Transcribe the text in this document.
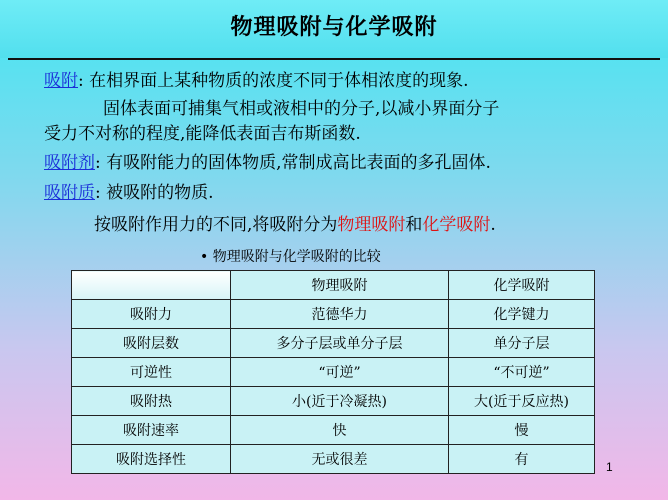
物理吸附与化学吸附
吸附: 在相界面上某种物质的浓度不同于体相浓度的现象.
固体表面可捕集气相或液相中的分子,以减小界面分子
受力不对称的程度,能降低表面吉布斯函数.
吸附剂: 有吸附能力的固体物质,常制成高比表面的多孔固体.
吸附质: 被吸附的物质.
按吸附作用力的不同,将吸附分为物理吸附和化学吸附.
• 物理吸附与化学吸附的比较
	物理吸附	化学吸附
吸附力	范德华力	化学键力
吸附层数	多分子层或单分子层	单分子层
可逆性	“可逆”	“不可逆”
吸附热	小(近于冷凝热)	大(近于反应热)
吸附速率	快	慢
吸附选择性	无或很差	有	1
